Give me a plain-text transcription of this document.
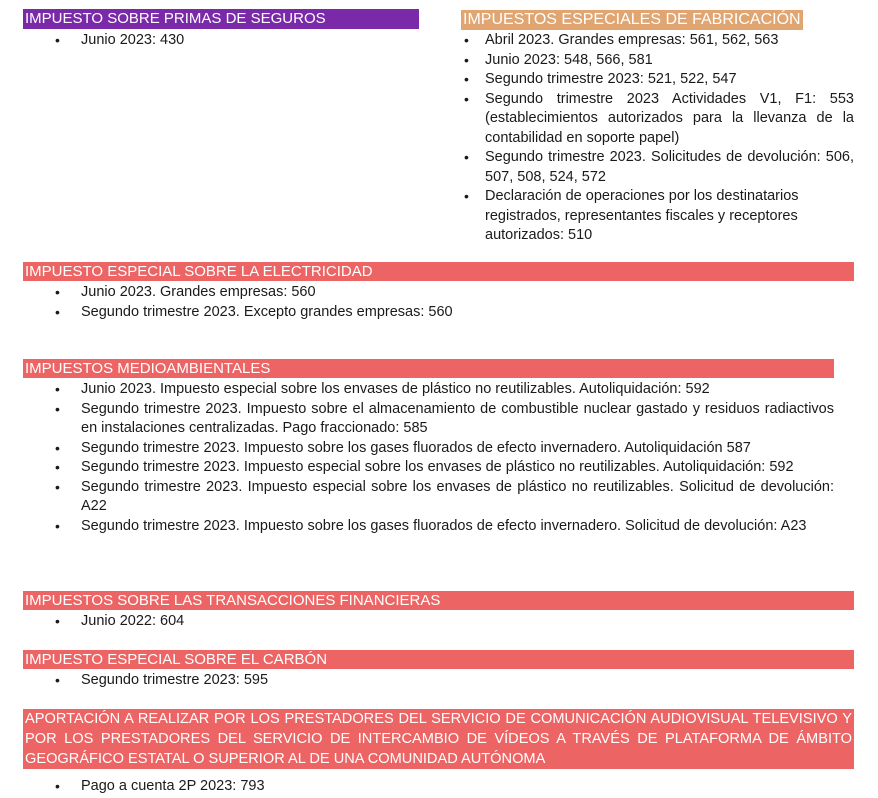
IMPUESTO SOBRE PRIMAS DE SEGUROS
• Junio 2023: 430
IMPUESTOS ESPECIALES DE FABRICACIÓN
• Abril 2023. Grandes empresas: 561, 562, 563
• Junio 2023: 548, 566, 581
• Segundo trimestre 2023: 521, 522, 547
• Segundo trimestre 2023 Actividades V1, F1: 553 (establecimientos autorizados para la llevanza de la contabilidad en soporte papel)
• Segundo trimestre 2023. Solicitudes de devolución: 506, 507, 508, 524, 572
• Declaración de operaciones por los destinatarios registrados, representantes fiscales y receptores autorizados: 510
IMPUESTO ESPECIAL SOBRE LA ELECTRICIDAD
• Junio 2023. Grandes empresas: 560
• Segundo trimestre 2023. Excepto grandes empresas: 560
IMPUESTOS MEDIOAMBIENTALES
• Junio 2023. Impuesto especial sobre los envases de plástico no reutilizables. Autoliquidación: 592
• Segundo trimestre 2023. Impuesto sobre el almacenamiento de combustible nuclear gastado y residuos radiactivos en instalaciones centralizadas. Pago fraccionado: 585
• Segundo trimestre 2023. Impuesto sobre los gases fluorados de efecto invernadero. Autoliquidación 587
• Segundo trimestre 2023. Impuesto especial sobre los envases de plástico no reutilizables. Autoliquidación: 592
• Segundo trimestre 2023. Impuesto especial sobre los envases de plástico no reutilizables. Solicitud de devolución: A22
• Segundo trimestre 2023. Impuesto sobre los gases fluorados de efecto invernadero. Solicitud de devolución: A23
IMPUESTOS SOBRE LAS TRANSACCIONES FINANCIERAS
• Junio 2022: 604
IMPUESTO ESPECIAL SOBRE EL CARBÓN
• Segundo trimestre 2023: 595
APORTACIÓN A REALIZAR POR LOS PRESTADORES DEL SERVICIO DE COMUNICACIÓN AUDIOVISUAL TELEVISIVO Y POR LOS PRESTADORES DEL SERVICIO DE INTERCAMBIO DE VÍDEOS A TRAVÉS DE PLATAFORMA DE ÁMBITO GEOGRÁFICO ESTATAL O SUPERIOR AL DE UNA COMUNIDAD AUTÓNOMA
• Pago a cuenta 2P 2023: 793
